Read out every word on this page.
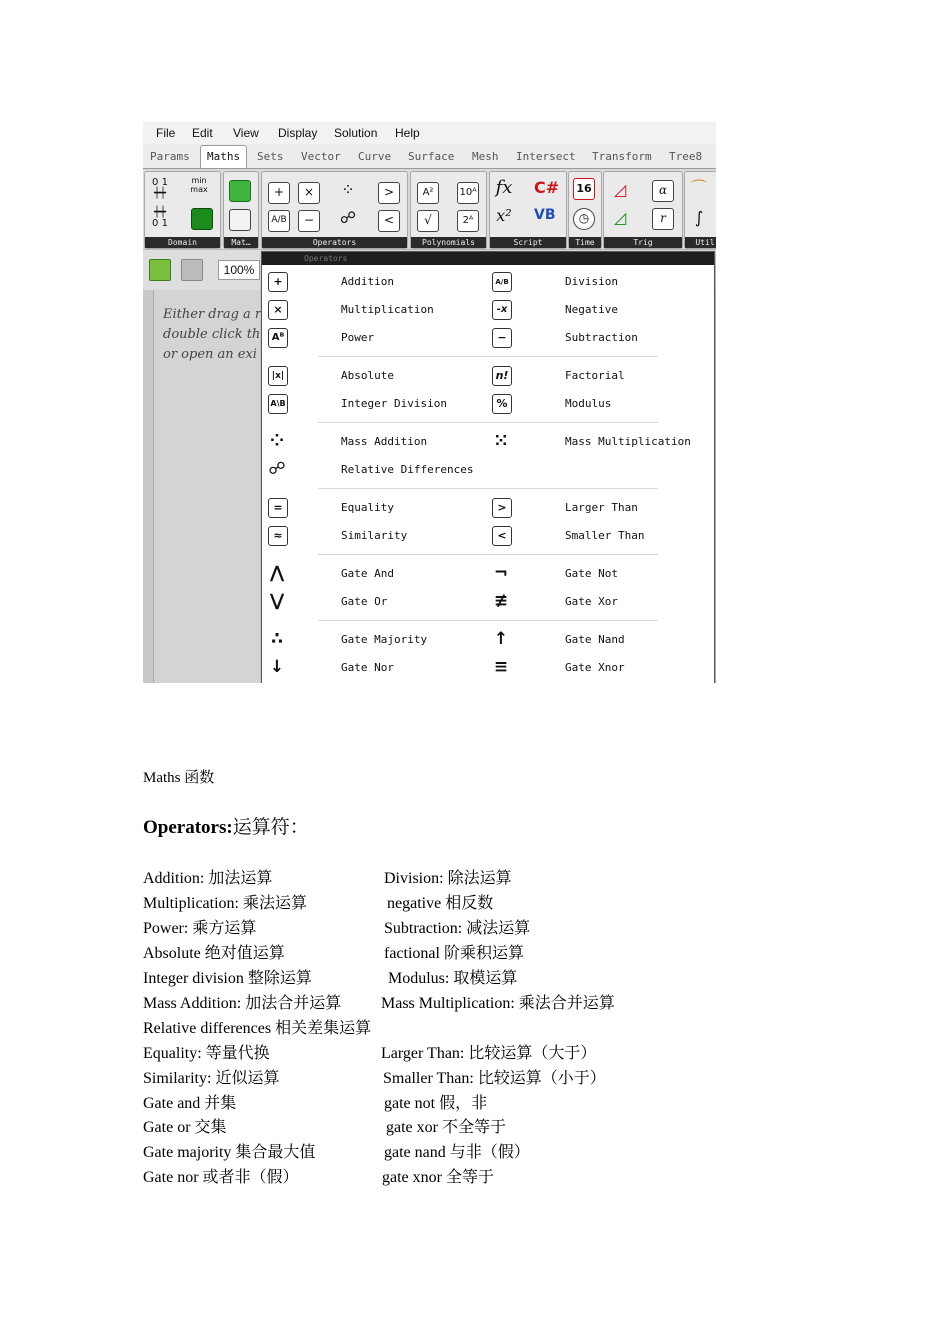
File Edit View Display Solution Help
Params	Maths	Sets Vector Curve Surface Mesh Intersect Transform Tree8
0 1
┿┿
min
max
┿┿
0 1
Domain	Mat…
+	×	⁘	>
A/B	−	☍	<
Operators
A²	10ᴬ
√	2ᴬ
Polynomials
fx C#
x² VB
Script
16
◷
Time
◿	α
◿	r
Trig
⌒
∫
Util
100%
Either drag a r
double click th
or open an exi
Operators
+	Addition	A/B	Division
×	Multiplication	-x	Negative
Aᴮ	Power	−	Subtraction
|x|	Absolute	n!	Factorial
A\B	Integer Division	%	Modulus
⁘	Mass Addition	⁙	Mass Multiplication
☍	Relative Differences
=	Equality	>	Larger Than
≈	Similarity	<	Smaller Than
⋀	Gate And	¬	Gate Not
⋁	Gate Or	≢	Gate Xor
∴	Gate Majority	↑	Gate Nand
↓	Gate Nor	≡	Gate Xnor
Maths 函数
Operators:运算符：
Addition: 加法运算	Division: 除法运算
Multiplication: 乘法运算	negative 相反数
Power: 乘方运算	Subtraction: 减法运算
Absolute 绝对值运算	factional 阶乘积运算
Integer division 整除运算	Modulus: 取模运算
Mass Addition: 加法合并运算 Mass Multiplication: 乘法合并运算
Relative differences 相关差集运算
Equality: 等量代换	Larger Than: 比较运算（大于）
Similarity: 近似运算	Smaller Than: 比较运算（小于）
Gate and 并集	gate not 假，非
Gate or 交集	gate xor 不全等于
Gate majority 集合最大值	gate nand 与非（假）
Gate nor 或者非（假）	gate xnor 全等于
